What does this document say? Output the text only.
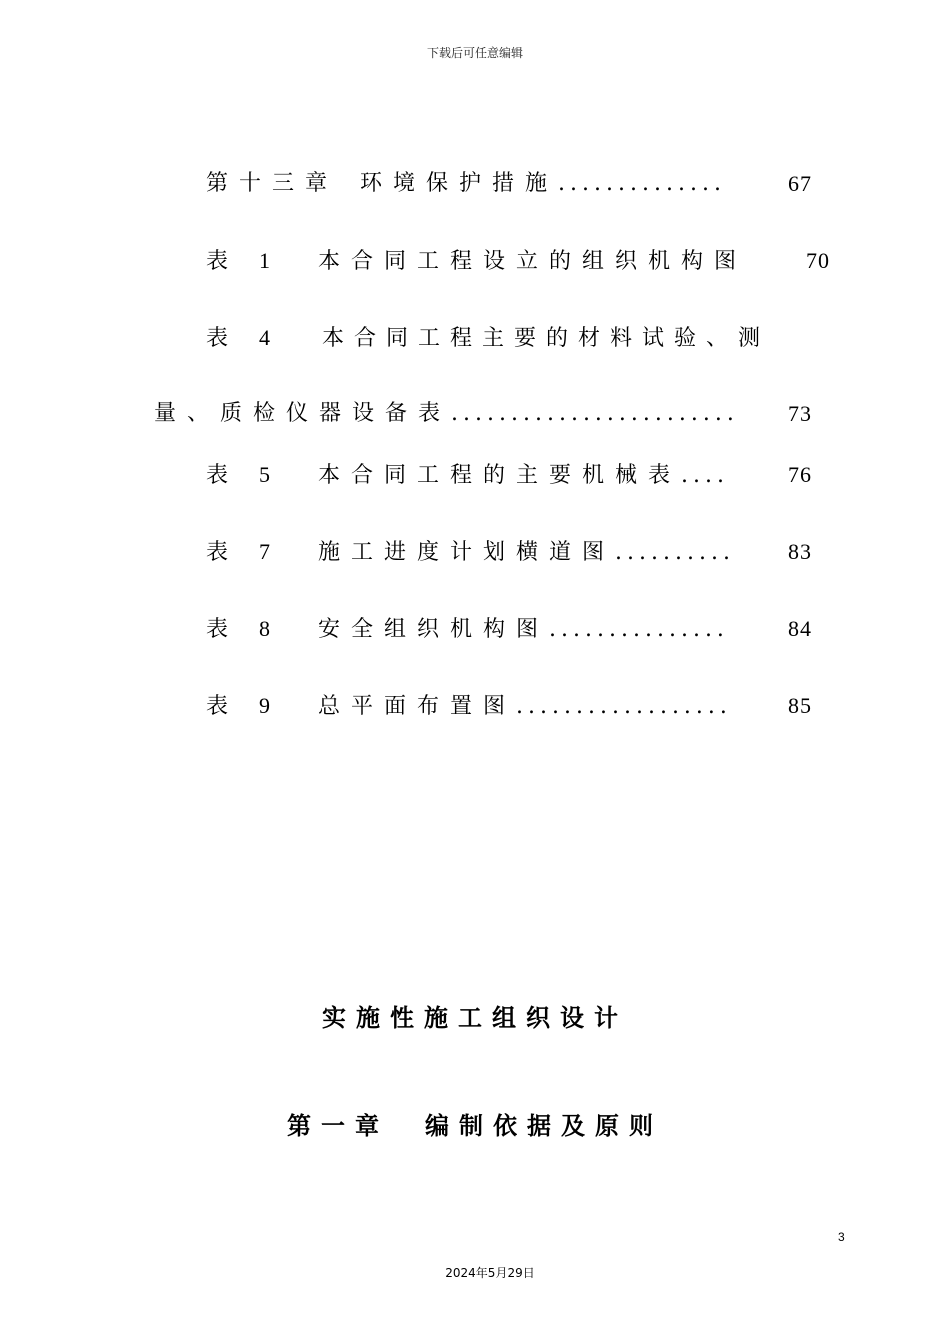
下载后可任意编辑
第十三章 环境保护措施..............	67
表 1 本合同工程设立的组织机构图	70
表 4 本合同工程主要的材料试验、测
量、质检仪器设备表........................ 73
表 5 本合同工程的主要机械表....	76
表 7 施工进度计划横道图.......... 83
表 8 安全组织机构图...............	84
表 9 总平面布置图..................	85
实施性施工组织设计
第一章 编制依据及原则
3
2024年5月29日
